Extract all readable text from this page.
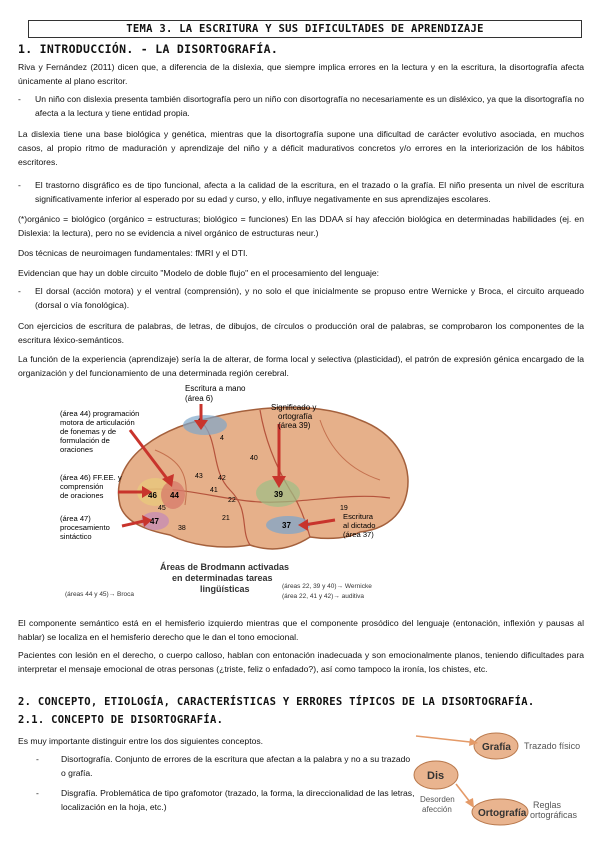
TEMA 3. LA ESCRITURA Y SUS DIFICULTADES DE APRENDIZAJE
1. INTRODUCCIÓN. - LA DISORTOGRAFÍA.
Riva y Fernández (2011) dicen que, a diferencia de la dislexia, que siempre implica errores en la lectura y en la escritura, la disortografía afecta únicamente al plano escritor.
- Un niño con dislexia presenta también disortografía pero un niño con disortografía no necesariamente es un disléxico, ya que la disortografía no afecta a la lectura y tiene entidad propia.
La dislexia tiene una base biológica y genética, mientras que la disortografía supone una dificultad de carácter evolutivo asociada, en muchos casos, al propio ritmo de maduración y aprendizaje del niño y a déficit madurativos concretos y/o errores en la interiorización de los hábitos escritores.
- El trastorno disgráfico es de tipo funcional, afecta a la calidad de la escritura, en el trazado o la grafía. El niño presenta un nivel de escritura significativamente inferior al esperado por su edad y curso, y ello, influye negativamente en sus aprendizajes escolares.
(*)orgánico = biológico (orgánico = estructuras; biológico = funciones) En las DDAA sí hay afección biológica en determinadas habilidades (ej. en Dislexia: la lectura), pero no se evidencia a nivel orgánico de estructuras neur.)
Dos técnicas de neuroimagen fundamentales: fMRI y el DTI.
Evidencian que hay un doble circuito "Modelo de doble flujo" en el procesamiento del lenguaje:
- El dorsal (acción motora) y el ventral (comprensión), y no solo el que inicialmente se propuso entre Wernicke y Broca, el circuito arqueado (dorsal o vía fonológica).
Con ejercicios de escritura de palabras, de letras, de dibujos, de círculos o producción oral de palabras, se comprobaron los componentes de la escritura léxico-semánticos.
La función de la experiencia (aprendizaje) sería la de alterar, de forma local y selectiva (plasticidad), el patrón de expresión génica encargado de la organización y del funcionamiento de una determinada región cerebral.
44
46
45
47
39
37
22
40
41
21
38
42
43
4
19
Escritura a mano
(área 6)
Significado y
ortografía
(área 39)
(área 44) programación
motora de articulación
de fonemas y de
formulación de
oraciones
(área 46) FF.EE. y
comprensión
de oraciones
(área 47)
procesamiento
sintáctico
Escritura
al dictado
(área 37)
Áreas de Brodmann activadas
en determinadas tareas
lingüísticas
(áreas 44 y 45)→ Broca
(áreas 22, 39 y 40)→ Wernicke
(área 22, 41 y 42)→ auditiva
El componente semántico está en el hemisferio izquierdo mientras que el componente prosódico del lenguaje (entonación, inflexión y pausas al hablar) se localiza en el hemisferio derecho que le dan el tono emocional.
Pacientes con lesión en el derecho, o cuerpo calloso, hablan con entonación inadecuada y son emocionalmente planos, teniendo dificultades para interpretar el mensaje emocional de otras personas (¿triste, feliz o enfadado?), así como tampoco la ironía, los chistes, etc.
2. CONCEPTO, ETIOLOGÍA, CARACTERÍSTICAS Y ERRORES TÍPICOS DE LA DISORTOGRAFÍA.
2.1. CONCEPTO DE DISORTOGRAFÍA.
Es muy importante distinguir entre los dos siguientes conceptos.
-	Disortografía. Conjunto de errores de la escritura que afectan a la palabra y no a su trazado o grafía.
-	Disgrafía. Problemática de tipo grafomotor (trazado, la forma, la direccionalidad de las letras, localización en la hoja, etc.)
Dis
Grafía
Ortografía
Trazado físico
Desorden
afección	Reglas
ortográficas
